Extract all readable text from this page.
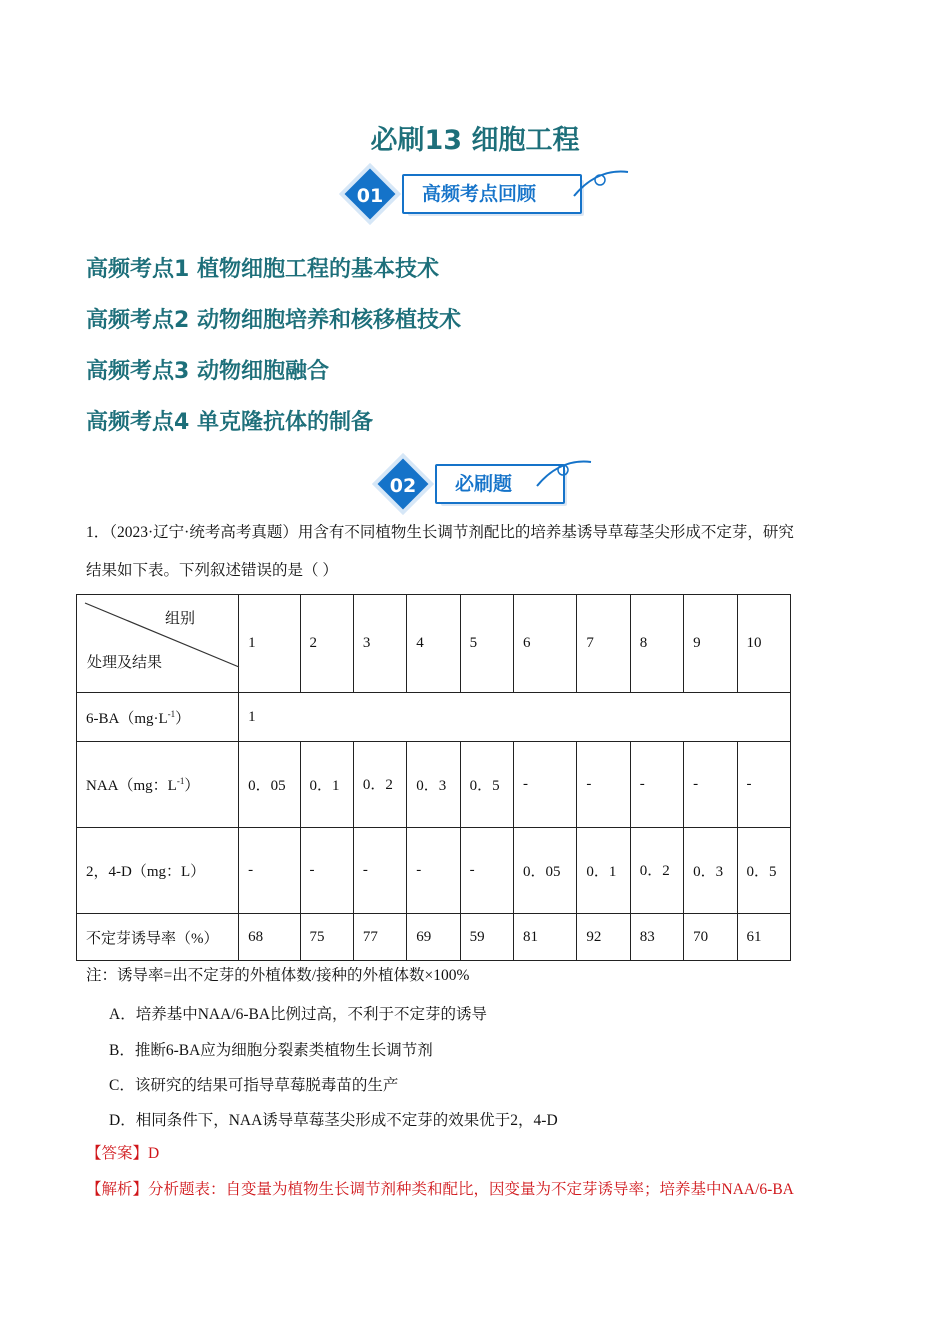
必刷13 细胞工程
01	高频考点回顾
高频考点1 植物细胞工程的基本技术
高频考点2 动物细胞培养和核移植技术
高频考点3 动物细胞融合
高频考点4 单克隆抗体的制备
02	必刷题
1．（2023·辽宁·统考高考真题）用含有不同植物生长调节剂配比的培养基诱导草莓茎尖形成不定芽，研究
结果如下表。下列叙述错误的是（ ）
组别
处理及结果	1	2	3	4	5	6	7	8	9	10
$6-BA(mg\cdot L^{-1})$	1									
NAA（mg：$L^{-1}$）	0．05	0．1	0．2	0．3	0．5	-	-	-	-	-
2，4-D（mg：L）	-	-	-	-	-	0．05	0．1	0．2	0．3	0．5
不定芽诱导率（%）	68	75	77	69	59	81	92	83	70	61
注：诱导率=出不定芽的外植体数/接种的外植体数×100%
A．培养基中NAA/6-BA比例过高，不利于不定芽的诱导
B．推断6-BA应为细胞分裂素类植物生长调节剂
C．该研究的结果可指导草莓脱毒苗的生产
D．相同条件下，NAA诱导草莓茎尖形成不定芽的效果优于2，4-D
【答案】D
【解析】分析题表：自变量为植物生长调节剂种类和配比，因变量为不定芽诱导率；培养基中NAA/6-BA
